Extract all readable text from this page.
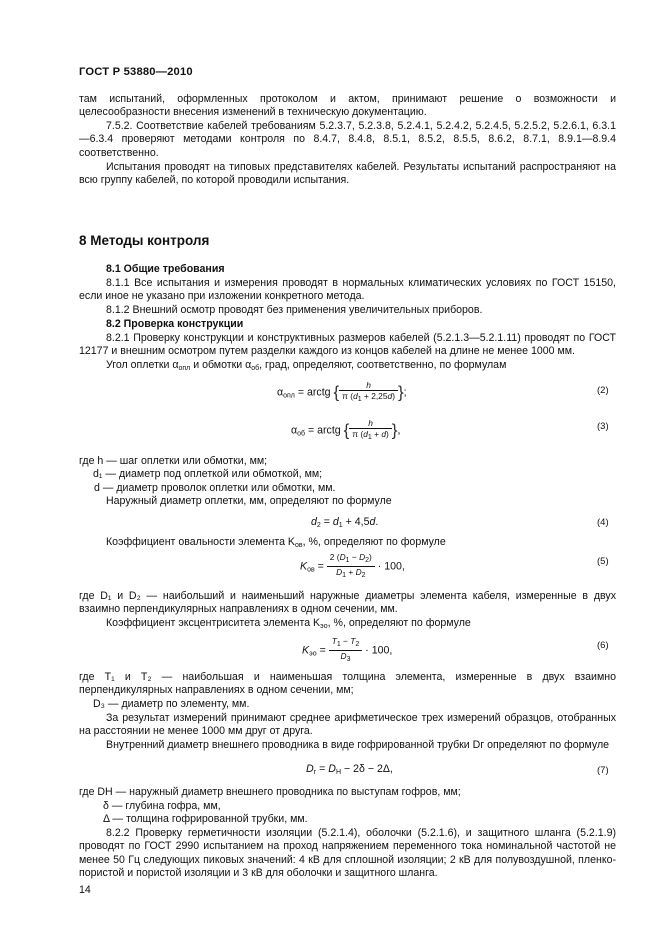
ГОСТ Р 53880—2010
там испытаний, оформленных протоколом и актом, принимают решение о возможности и целесообразности внесения изменений в техническую документацию.
7.5.2. Соответствие кабелей требованиям 5.2.3.7, 5.2.3.8, 5.2.4.1, 5.2.4.2, 5.2.4.5, 5.2.5.2, 5.2.6.1, 6.3.1—6.3.4 проверяют методами контроля по 8.4.7, 8.4.8, 8.5.1, 8.5.2, 8.5.5, 8.6.2, 8.7.1, 8.9.1—8.9.4 соответственно.
Испытания проводят на типовых представителях кабелей. Результаты испытаний распространяют на всю группу кабелей, по которой проводили испытания.
8 Методы контроля
8.1 Общие требования
8.1.1 Все испытания и измерения проводят в нормальных климатических условиях по ГОСТ 15150, если иное не указано при изложении конкретного метода.
8.1.2 Внешний осмотр проводят без применения увеличительных приборов.
8.2 Проверка конструкции
8.2.1 Проверку конструкции и конструктивных размеров кабелей (5.2.1.3—5.2.1.11) проводят по ГОСТ 12177 и внешним осмотром путем разделки каждого из концов кабелей на длине не менее 1000 мм.
Угол оплетки $\alpha_{опл}$ и обмотки $\alpha_{об}$, град, определяют, соответственно, по формулам
$\alpha_{опл}$ = arctg { $\frac{h}{\pi (d_1 + 2,25d)}$ };	(2)
$\alpha_{об}$ = arctg { $\frac{h}{\pi (d_1 + d)}$ },	(3)
где h — шаг оплетки или обмотки, мм;
d₁ — диаметр под оплеткой или обмоткой, мм;
d — диаметр проволок оплетки или обмотки, мм.
Наружный диаметр оплетки, мм, определяют по формуле
$d_2 = d_1 + 4,5d$.	(4)
Коэффициент овальности элемента $K_{ов}$, %, определяют по формуле
$K_{ов} = \frac{2 (D_1 - D_2)}{D_1 + D_2} \cdot 100$,	(5)
где D₁ и D₂ — наибольший и наименьший наружные диаметры элемента кабеля, измеренные в двух взаимно перпендикулярных направлениях в одном сечении, мм.
Коэффициент эксцентриситета элемента $K_{эо}$, %, определяют по формуле
$K_{эо} = \frac{T_1 - T_2}{D_3} \cdot 100$,	(6)
где T₁ и T₂ — наибольшая и наименьшая толщина элемента, измеренные в двух взаимно перпендикулярных направлениях в одном сечении, мм;
D₃ — диаметр по элементу, мм.
За результат измерений принимают среднее арифметическое трех измерений образцов, отобранных на расстоянии не менее 1000 мм друг от друга.
Внутренний диаметр внешнего проводника в виде гофрированной трубки Dг определяют по формуле
$D_г = D_Н - 2\delta - 2\Delta$,	(7)
где DН — наружный диаметр внешнего проводника по выступам гофров, мм;
δ — глубина гофра, мм,
Δ — толщина гофрированной трубки, мм.
8.2.2 Проверку герметичности изоляции (5.2.1.4), оболочки (5.2.1.6), и защитного шланга (5.2.1.9) проводят по ГОСТ 2990 испытанием на проход напряжением переменного тока номинальной частотой не менее 50 Гц следующих пиковых значений: 4 кВ для сплошной изоляции; 2 кВ для полувоздушной, пленко-пористой и пористой изоляции и 3 кВ для оболочки и защитного шланга.
14
